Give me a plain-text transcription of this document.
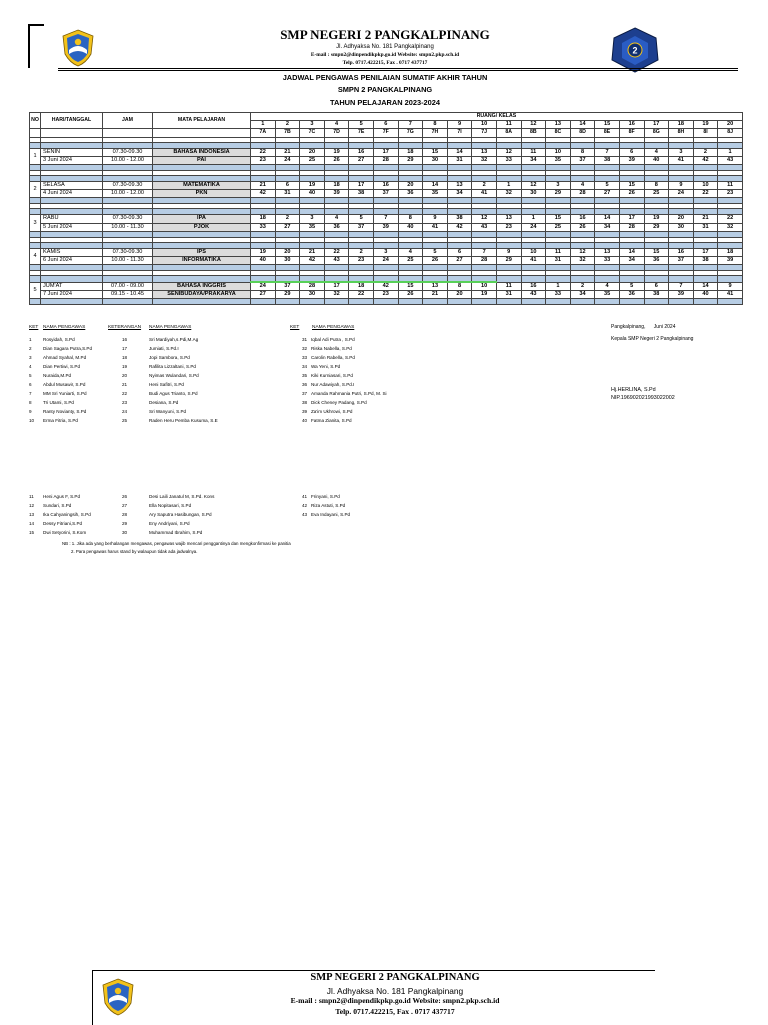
2
SMP NEGERI 2 PANGKALPINANG
Jl. Adhyaksa No. 181 Pangkalpinang
E-mail : smpn2@dinpendikpkp.go.id Website: smpn2.pkp.sch.id
Telp. 0717.422215, Fax . 0717 437717
JADWAL PENGAWAS PENILAIAN SUMATIF AKHIR TAHUN
SMPN 2 PANGKALPINANG
TAHUN PELAJARAN 2023-2024
NO	HARI/TANGGAL	JAM	MATA PELAJARAN	RUANG/ KELAS																			
				1	2	3	4	5	6	7	8	9	10	11	12	13	14	15	16	17	18	19	20
				7A	7B	7C	7D	7E	7F	7G	7H	7I	7J	8A	8B	8C	8D	8E	8F	8G	8H	8I	8J

1	SENIN	07.30-09.30	BAHASA INDONESIA	22	21	20	19	16	17	18	15	14	13	12	11	10	8	7	6	4	3	2	1
	3 Juni 2024	10.00 - 12.00	PAI	23	24	25	26	27	28	29	30	31	32	33	34	35	37	38	39	40	41	42	43

2	SELASA	07.30-09.30	MATEMATIKA	21	6	19	18	17	16	20	14	13	2	1	12	3	4	5	15	8	9	10	11
	4 Juni 2024	10.00 - 12.00	PKN	42	31	40	39	38	37	36	35	34	41	32	30	29	28	27	26	25	24	22	23

3	RABU	07.30-09.30	IPA	18	2	3	4	5	7	8	9	38	12	13	1	15	16	14	17	19	20	21	22
	5 Juni 2024	10.00 - 11.30	PJOK	33	27	35	36	37	39	40	41	42	43	23	24	25	26	34	28	29	30	31	32

4	KAMIS	07.30-09.30	IPS	19	20	21	22	2	3	4	5	6	7	9	10	11	12	13	14	15	16	17	18
	6 Juni 2024	10.00 - 11.30	INFORMATIKA	40	30	42	43	23	24	25	26	27	28	29	41	31	32	33	34	36	37	38	39

5	JUM'AT	07.00 - 09.00	BAHASA INGGRIS	24	37	28	17	18	42	15	13	8	10	11	16	1	2	4	5	6	7	14	9
	7 Juni 2024	09.15 - 10.45	SENIBUDAYA/PRAKARYA	27	29	30	32	22	23	26	21	20	19	31	43	33	34	35	36	38	39	40	41

KET NAMA PENGAWAS	KETERANGAN NAMA PENGAWAS	KET	NAMA PENGAWAS
1 Rosyidah, S.Pd
2 Dian Sagara Putra,S.Pd
3 Ahmad Syahal, M.Pd
4 Dian Pertiwi, S.Pd
5 Nuraida,M.Pd
6 Abdul Musawir, S.Pd
7 MM Sri Yuniarti, S.Pd
8 Tri Utami, S.Pd
9 Ranty Novianty, S.Pd
10 Erma Fitria, S.Pd
16	Sri Mardiyah,s.Pdi,M.Ag
17	Jumiati, S.Pd.I
18	Jopi Sambora, S.Pd
19	Rafilita Lizzaltani, S.Pd
20	Nyimas Wulandari, S.Pd
21	Heni Safitri, S.Pd
22	Budi Agus Trianto, S.Pd
23	Desiana, S.Pd
24	Sri Wanyuni, S.Pd
25	Raden Heru Pemba Kusuma, S.E
31 Iqbal Adi Putra , S.Pd
32 Riska Nabella, S.Pd
33 Carolin Rabella, S.Pd
34 Wa Yeni, S.Pd
35 Kiki Kurniasari, S.Pd
36 Nur Adawiyah, S.Pd.I
37 Amanda Rahmania Putri, S.Pd, M. Si
38 Dick Cheney Padang, S.Pd
39 Za'im Ukhrowi, S.Pd
40 Fatma Zianita, S.Pd
11 Heni Agus F, S.Pd
12 Sundari, S.Pd
13 Ika Cahyaningsih, S.Pd
14 Dessy Fitriani,S.Pd
15 Dwi Setyorini, S.Kom
26	Desi Laili Janatul M, S.Pd. Kons
27	Ella Nopitasari, S.Pd
28	Ary Saputra Hasibungan, S.Pd
29	Eny Andriyani, S.Pd
30	Muhammad Ibrahim, S.Pd
41 Frinyani, S.Pd
42 Riza Astuti, S.Pd
43 Eva Indayani, S.Pd
NB : 1. Jika ada yang berhalangan mengawas, pengawas wajib mencari penggantinya dan mengkonfirmasi ke panitia
2. Para pengawas harus stand by walaupun tidak ada jadwalnya.
Pangkalpinang,      Juni 2024
Kepala SMP Negeri 2 Pangkalpinang
Hj.HERLINA, S.Pd
NIP.196902021993022002
SMP NEGERI 2 PANGKALPINANG
Jl. Adhyaksa No. 181 Pangkalpinang
E-mail : smpn2@dinpendikpkp.go.id Website: smpn2.pkp.sch.id
Telp. 0717.422215, Fax . 0717 437717
